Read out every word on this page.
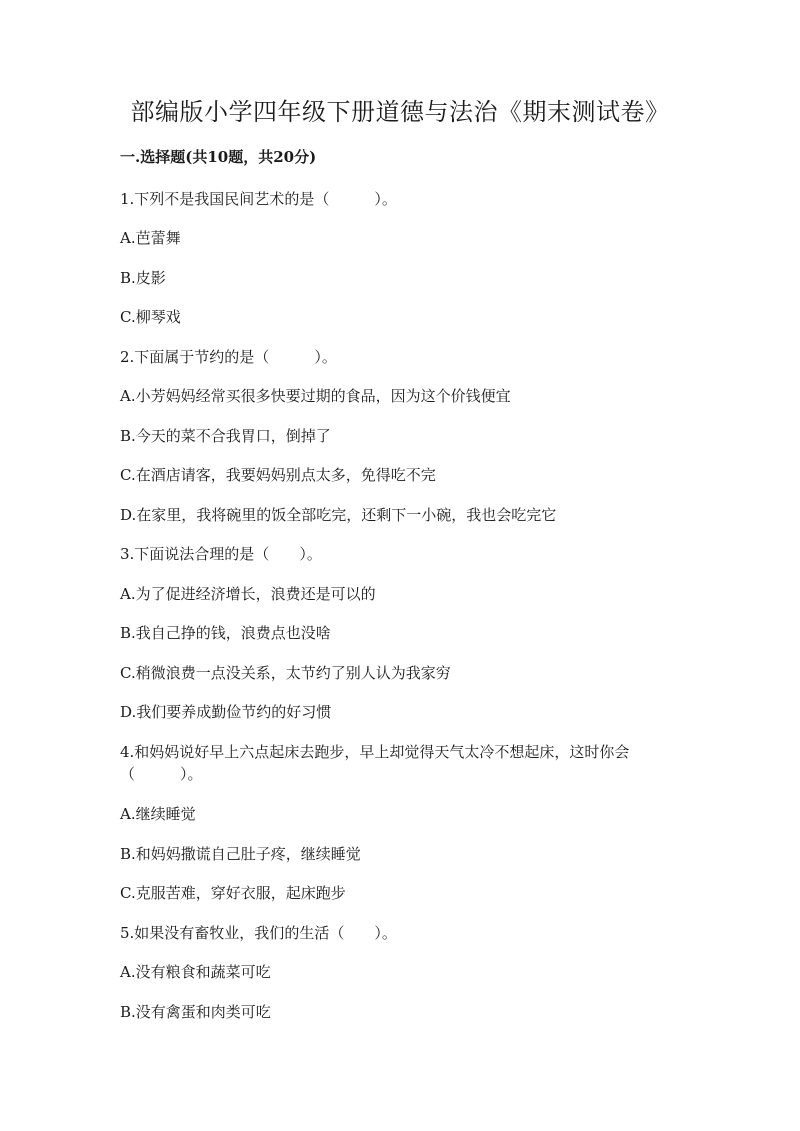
部编版小学四年级下册道德与法治《期末测试卷》
一.选择题(共10题，共20分)
1.下列不是我国民间艺术的是（　　　）。
A.芭蕾舞
B.皮影
C.柳琴戏
2.下面属于节约的是（　　　）。
A.小芳妈妈经常买很多快要过期的食品，因为这个价钱便宜
B.今天的菜不合我胃口，倒掉了
C.在酒店请客，我要妈妈别点太多，免得吃不完
D.在家里，我将碗里的饭全部吃完，还剩下一小碗，我也会吃完它
3.下面说法合理的是（　　）。
A.为了促进经济增长，浪费还是可以的
B.我自己挣的钱，浪费点也没啥
C.稍微浪费一点没关系，太节约了别人认为我家穷
D.我们要养成勤俭节约的好习惯
4.和妈妈说好早上六点起床去跑步，早上却觉得天气太冷不想起床，这时你会（　　　）。
A.继续睡觉
B.和妈妈撒谎自己肚子疼，继续睡觉
C.克服苦难，穿好衣服，起床跑步
5.如果没有畜牧业，我们的生活（　　）。
A.没有粮食和蔬菜可吃
B.没有禽蛋和肉类可吃
